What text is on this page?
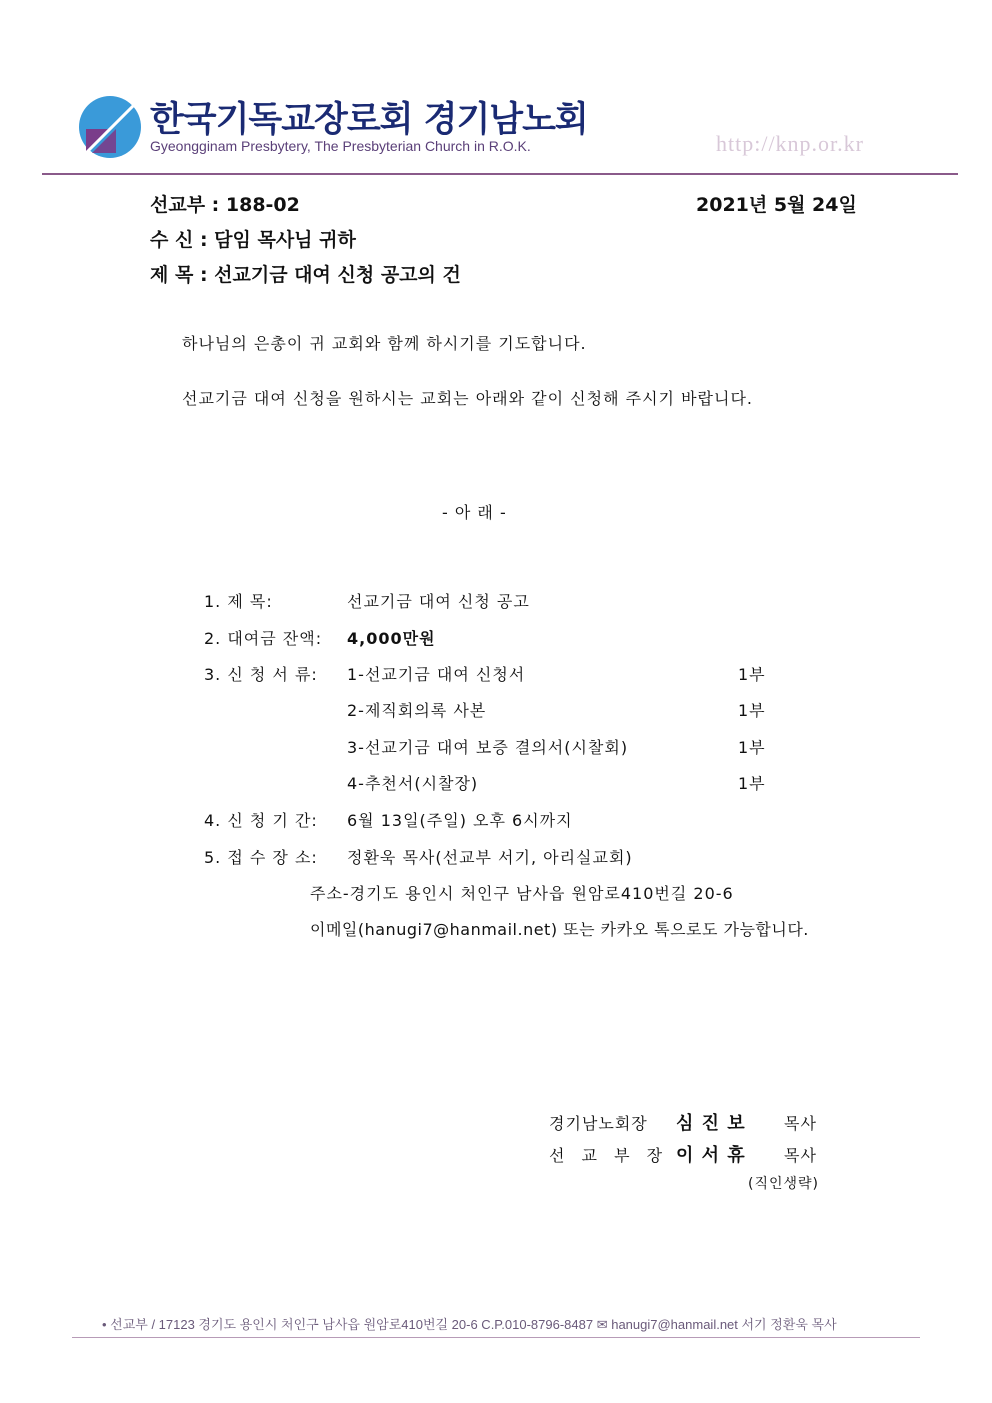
한국기독교장로회 경기남노회
Gyeongginam Presbytery, The Presbyterian Church in R.O.K.	http://knp.or.kr
선교부 : 188-02	2021년 5월 24일
수 신 : 담임 목사님 귀하
제 목 : 선교기금 대여 신청 공고의 건
하나님의 은총이 귀 교회와 함께 하시기를 기도합니다.
선교기금 대여 신청을 원하시는 교회는 아래와 같이 신청해 주시기 바랍니다.
- 아 래 -
1. 제 목:	선교기금 대여 신청 공고
2. 대여금 잔액: 4,000만원
3. 신 청 서 류: 1-선교기금 대여 신청서	1부
2-제직회의록 사본	1부
3-선교기금 대여 보증 결의서(시찰회)	1부
4-추천서(시찰장)	1부
4. 신 청 기 간: 6월 13일(주일) 오후 6시까지
5. 접 수 장 소: 정환욱 목사(선교부 서기, 아리실교회)
주소-경기도 용인시 처인구 남사읍 원암로410번길 20-6
이메일(hanugi7@hanmail.net) 또는 카카오 톡으로도 가능합니다.
경기남노회장 심 진 보 목사
선 교 부 장 이 서 휴 목사
(직인생략)
• 선교부 / 17123 경기도 용인시 처인구 남사읍 원암로410번길 20-6 C.P.010-8796-8487 ✉ hanugi7@hanmail.net 서기 정환욱 목사
